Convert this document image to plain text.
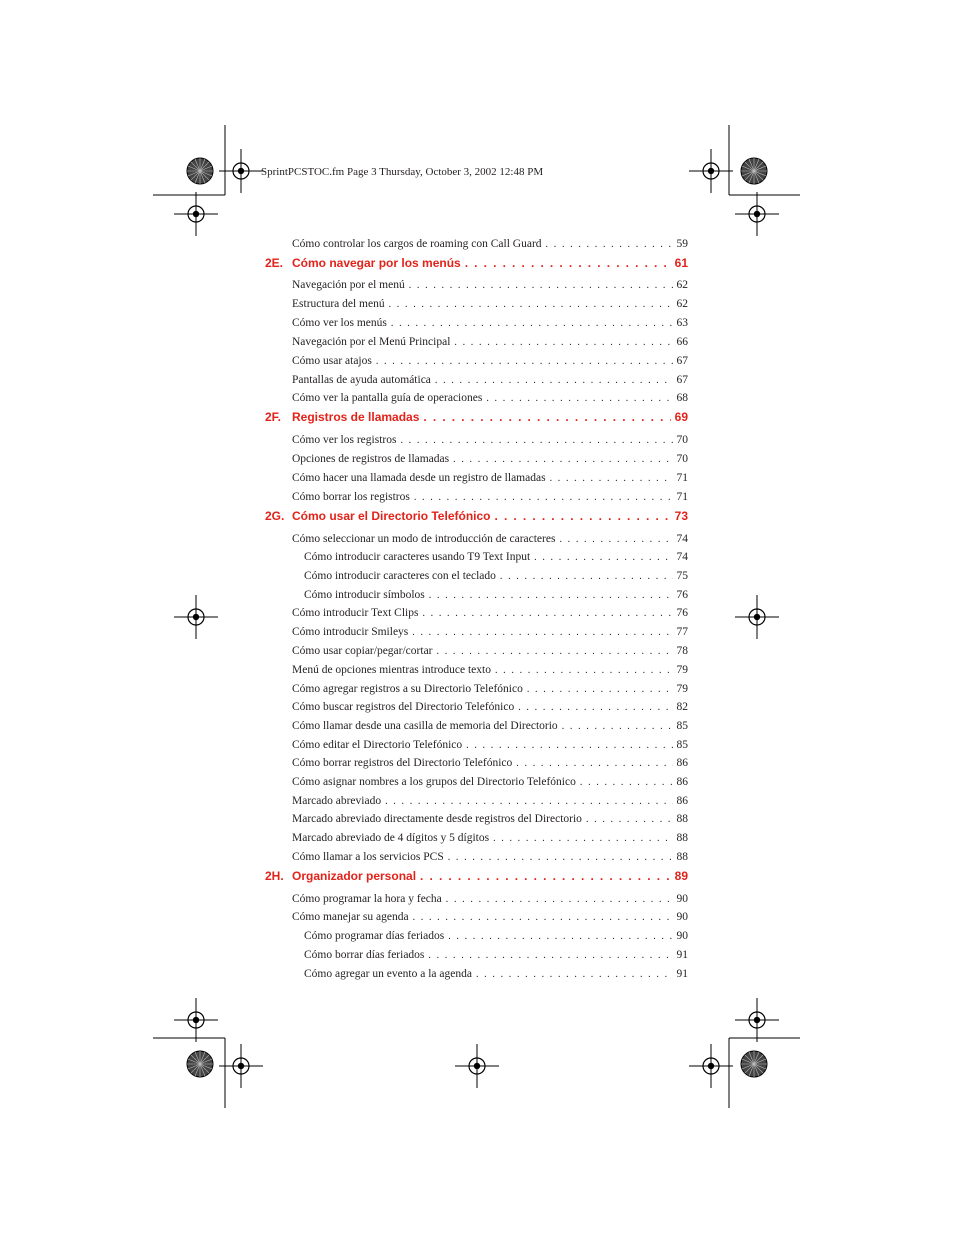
SprintPCSTOC.fm Page 3 Thursday, October 3, 2002 12:48 PM
Cómo controlar los cargos de roaming con Call Guard . . .	59
2E. Cómo navegar por los menús . . .	61
Navegación por el menú . . .	62
Estructura del menú . . .	62
Cómo ver los menús . . .	63
Navegación por el Menú Principal . . .	66
Cómo usar atajos . . .	67
Pantallas de ayuda automática . . .	67
Cómo ver la pantalla guía de operaciones . . .	68
2F. Registros de llamadas . . .	69
Cómo ver los registros . . .	70
Opciones de registros de llamadas . . .	70
Cómo hacer una llamada desde un registro de llamadas . . .	71
Cómo borrar los registros . . .	71
2G. Cómo usar el Directorio Telefónico . . .	73
Cómo seleccionar un modo de introducción de caracteres . . .	74
Cómo introducir caracteres usando T9 Text Input . . .	74
Cómo introducir caracteres con el teclado . . .	75
Cómo introducir símbolos . . .	76
Cómo introducir Text Clips . . .	76
Cómo introducir Smileys . . .	77
Cómo usar copiar/pegar/cortar . . .	78
Menú de opciones mientras introduce texto . . .	79
Cómo agregar registros a su Directorio Telefónico . . .	79
Cómo buscar registros del Directorio Telefónico . . .	82
Cómo llamar desde una casilla de memoria del Directorio . . .	85
Cómo editar el Directorio Telefónico . . .	85
Cómo borrar registros del Directorio Telefónico . . .	86
Cómo asignar nombres a los grupos del Directorio Telefónico . . .	86
Marcado abreviado . . .	86
Marcado abreviado directamente desde registros del Directorio . . .	88
Marcado abreviado de 4 dígitos y 5 dígitos . . .	88
Cómo llamar a los servicios PCS . . .	88
2H. Organizador personal . . .	89
Cómo programar la hora y fecha . . .	90
Cómo manejar su agenda . . .	90
Cómo programar días feriados . . .	90
Cómo borrar días feriados . . .	91
Cómo agregar un evento a la agenda . . .	91
